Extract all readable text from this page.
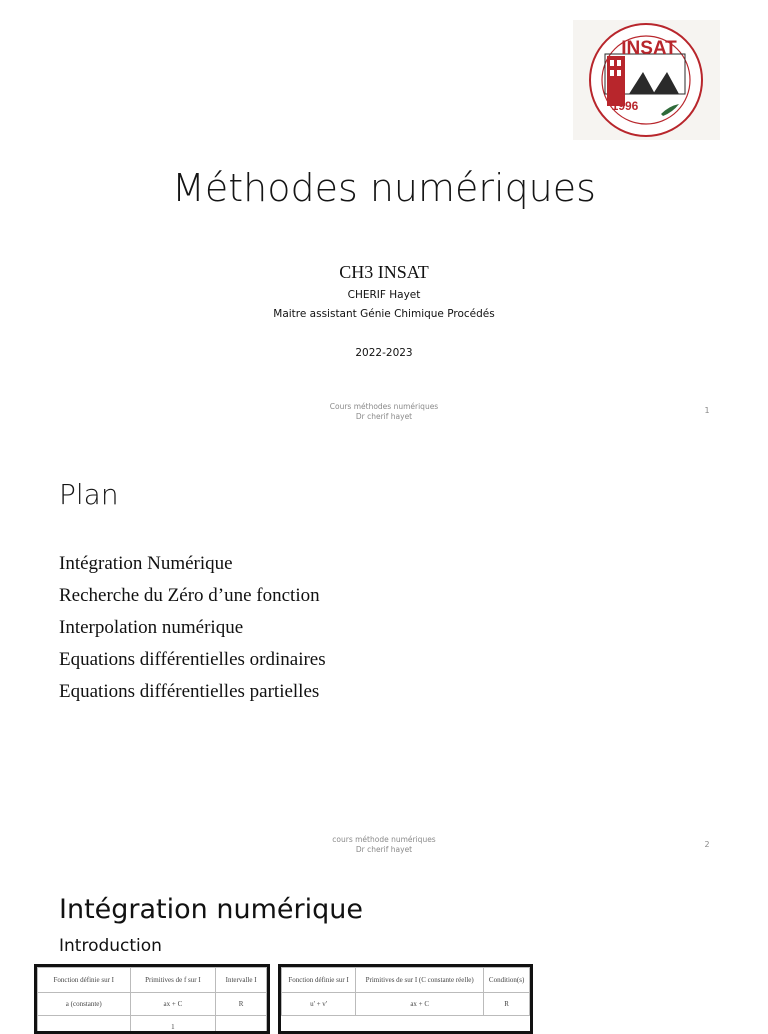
INSAT
1996
Méthodes numériques
CH3 INSAT
CHERIF Hayet
Maitre assistant Génie Chimique Procédés
2022-2023
Cours méthodes numériques
Dr cherif hayet
1
Plan
Intégration Numérique
Recherche du Zéro d’une fonction
Interpolation numérique
Equations différentielles ordinaires
Equations différentielles partielles
cours méthode numériques
Dr cherif hayet
2
Intégration numérique
Introduction
Fonction définie sur I	Primitives de f sur I	Intervalle I
a (constante)	ax + C	R
	1	
Fonction définie sur I	Primitives de sur I (C constante réelle)	Condition(s)
u' + v'	ax + C	R
